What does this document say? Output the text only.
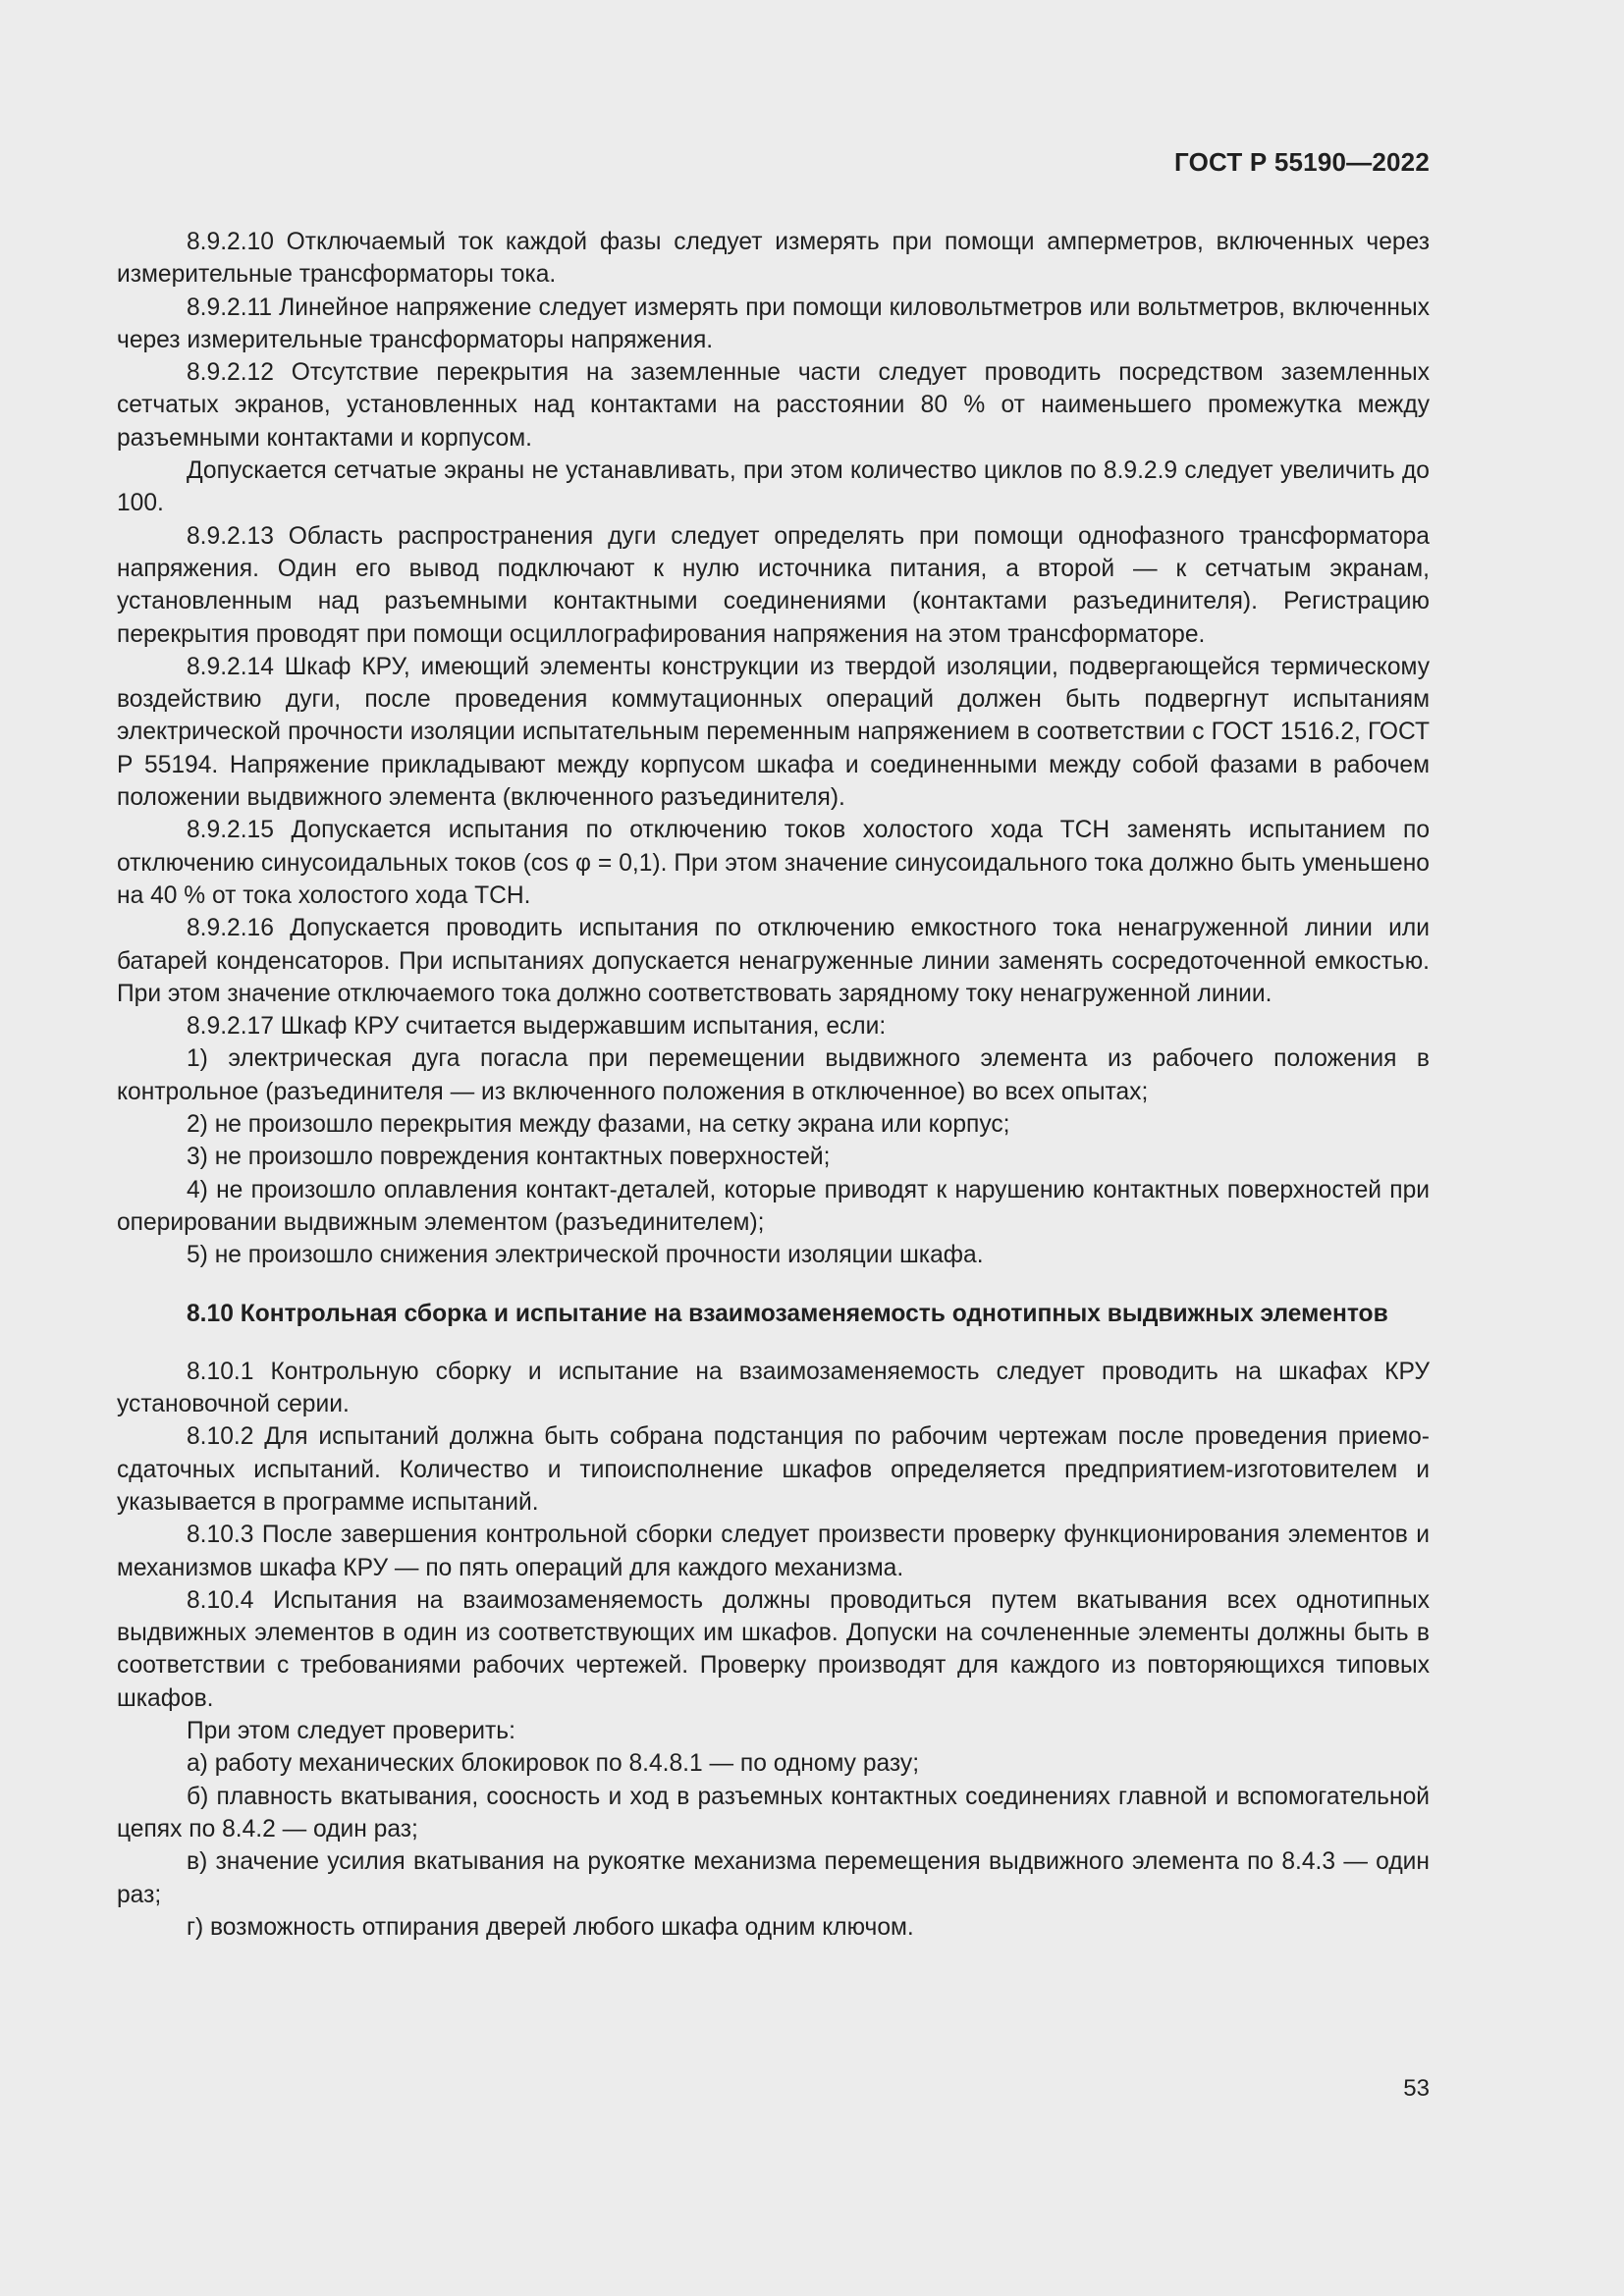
ГОСТ Р 55190—2022

8.9.2.10 Отключаемый ток каждой фазы следует измерять при помощи амперметров, включенных через измерительные трансформаторы тока.

8.9.2.11 Линейное напряжение следует измерять при помощи киловольтметров или вольтметров, включенных через измерительные трансформаторы напряжения.

8.9.2.12 Отсутствие перекрытия на заземленные части следует проводить посредством заземленных сетчатых экранов, установленных над контактами на расстоянии 80 % от наименьшего промежутка между разъемными контактами и корпусом.

Допускается сетчатые экраны не устанавливать, при этом количество циклов по 8.9.2.9 следует увеличить до 100.

8.9.2.13 Область распространения дуги следует определять при помощи однофазного трансформатора напряжения. Один его вывод подключают к нулю источника питания, а второй — к сетчатым экранам, установленным над разъемными контактными соединениями (контактами разъединителя). Регистрацию перекрытия проводят при помощи осциллографирования напряжения на этом трансформаторе.

8.9.2.14 Шкаф КРУ, имеющий элементы конструкции из твердой изоляции, подвергающейся термическому воздействию дуги, после проведения коммутационных операций должен быть подвергнут испытаниям электрической прочности изоляции испытательным переменным напряжением в соответствии с ГОСТ 1516.2, ГОСТ Р 55194. Напряжение прикладывают между корпусом шкафа и соединенными между собой фазами в рабочем положении выдвижного элемента (включенного разъединителя).

8.9.2.15 Допускается испытания по отключению токов холостого хода ТСН заменять испытанием по отключению синусоидальных токов (cos φ = 0,1). При этом значение синусоидального тока должно быть уменьшено на 40 % от тока холостого хода ТСН.

8.9.2.16 Допускается проводить испытания по отключению емкостного тока ненагруженной линии или батарей конденсаторов. При испытаниях допускается ненагруженные линии заменять сосредоточенной емкостью. При этом значение отключаемого тока должно соответствовать зарядному току ненагруженной линии.

8.9.2.17 Шкаф КРУ считается выдержавшим испытания, если:

1) электрическая дуга погасла при перемещении выдвижного элемента из рабочего положения в контрольное (разъединителя — из включенного положения в отключенное) во всех опытах;

2) не произошло перекрытия между фазами, на сетку экрана или корпус;

3) не произошло повреждения контактных поверхностей;

4) не произошло оплавления контакт-деталей, которые приводят к нарушению контактных поверхностей при оперировании выдвижным элементом (разъединителем);

5) не произошло снижения электрической прочности изоляции шкафа.

8.10 Контрольная сборка и испытание на взаимозаменяемость однотипных выдвижных элементов

8.10.1 Контрольную сборку и испытание на взаимозаменяемость следует проводить на шкафах КРУ установочной серии.

8.10.2 Для испытаний должна быть собрана подстанция по рабочим чертежам после проведения приемо-сдаточных испытаний. Количество и типоисполнение шкафов определяется предприятием-изготовителем и указывается в программе испытаний.

8.10.3 После завершения контрольной сборки следует произвести проверку функционирования элементов и механизмов шкафа КРУ — по пять операций для каждого механизма.

8.10.4 Испытания на взаимозаменяемость должны проводиться путем вкатывания всех однотипных выдвижных элементов в один из соответствующих им шкафов. Допуски на сочлененные элементы должны быть в соответствии с требованиями рабочих чертежей. Проверку производят для каждого из повторяющихся типовых шкафов.

При этом следует проверить:

а) работу механических блокировок по 8.4.8.1 — по одному разу;

б) плавность вкатывания, соосность и ход в разъемных контактных соединениях главной и вспомогательной цепях по 8.4.2 — один раз;

в) значение усилия вкатывания на рукоятке механизма перемещения выдвижного элемента по 8.4.3 — один раз;

г) возможность отпирания дверей любого шкафа одним ключом.

53
